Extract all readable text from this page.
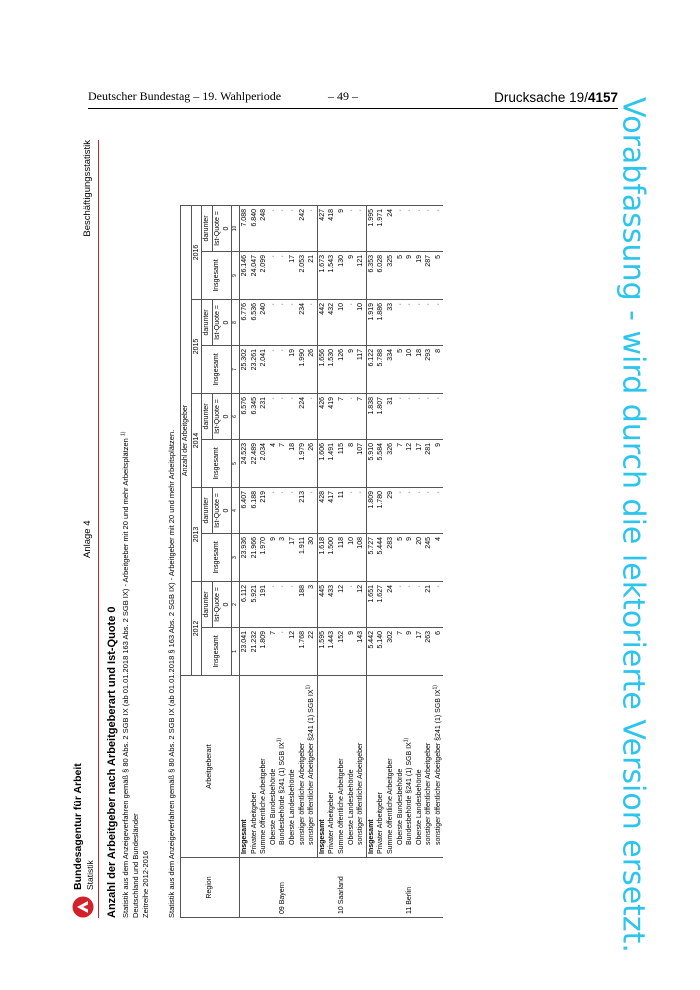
Deutscher Bundestag – 19. Wahlperiode	– 49 –	Drucksache 19/4157
Vorabfassung - wird durch die lektorierte Version ersetzt.
Bundesagentur für Arbeit Statistik
Anlage 4
Beschäftigungsstatistik
Anzahl der Arbeitgeber nach Arbeitgeberart und Ist-Quote 0 Statistik aus dem Anzeigeverfahren gemäß § 80 Abs. 2 SGB IX (ab 01.01.2018 163 Abs. 2 SGB IX) - Arbeitgeber mit 20 und mehr Arbeitsplätzen $^{1)}$
Deutschland und Bundesländer Zeitreihe 2012-2016 Statistik aus dem Anzeigeverfahren gemäß § 80 Abs. 2 SGB IX (ab 01.01.2018 § 163 Abs. 2 SGB IX) - Arbeitgeber mit 20 und mehr Arbeitsplätzen.	Region	Arbeitgeberart	Anzahl der Arbeitgeber									
		2012		2013		2014		2015		2016	
		Insgesamt	darunter	Insgesamt	darunter	Insgesamt	darunter	Insgesamt	darunter	Insgesamt	darunter
			Ist-Quote = 0		Ist-Quote = 0		Ist-Quote = 0		Ist-Quote = 0		Ist-Quote = 0
		1	2	3	4	5	6	7	8	9	10
	Insgesamt	23.041	6.112	23.936	6.407	24.523	6.576	25.302	6.776	26.146	7.088
	Privater Arbeitgeber	21.232	5.921	21.966	6.188	22.489	6.345	23.261	6.536	24.047	6.840
	Summe öffentliche Arbeitgeber	1.809	191	1.970	219	2.034	231	2.041	240	2.099	248
	Oberste Bundesbehörde	7	·	9	·	4	·	·	·	·	·
09 Bayern	Bundesbehörde §241 (1) SGB $IX^{1)}$	·	·	3	·	7	·	·	·	·	·
	Oberste Landesbehörde	12	·	17	·	18	·	19	·	17	·
	sonstiger öffentlicher Arbeitgeber	1.768	188	1.911	213	1.979	224	1.990	234	2.053	242
	sonstiger öffentlicher Arbeitgeber §241 (1) SGB IX$^{1)}$	22	3	30	·	26	·	26	·	21	·
	Insgesamt	1.595	445	1.618	428	1.606	426	1.656	442	1.673	427
	Privater Arbeitgeber	1.443	433	1.500	417	1.491	419	1.530	432	1.543	418
10 Saarland	Summe öffentliche Arbeitgeber	152	12	118	11	115	7	126	10	130	9
	Oberste Landesbehörde	9	·	10	·	8	·	9	·	9	·
	sonstiger öffentlicher Arbeitgeber	143	12	108	·	107	7	117	10	121	·
	Insgesamt	5.442	1.651	5.727	1.809	5.910	1.838	6.122	1.919	6.353	1.995
	Privater Arbeitgeber	5.140	1.627	5.444	1.780	5.584	1.807	5.788	1.886	6.028	1.971
	Summe öffentliche Arbeitgeber	302	24	283	29	326	31	334	33	325	24
	Oberste Bundesbehörde	7	·	5	·	7	·	5	·	5	·
11 Berlin	Bundesbehörde §241 (1) SGB IX$^{1)}$	9	·	9	·	12	·	10	·	9	·
	Oberste Landesbehörde	17	·	20	·	17	·	18	·	19	·
	sonstiger öffentlicher Arbeitgeber	263	21	245	·	281	·	293	·	287	·
	sonstiger öffentlicher Arbeitgeber §241 (1) SGB IX$^{1)}$	6	·	4	·	9	·	8	·	5	·
